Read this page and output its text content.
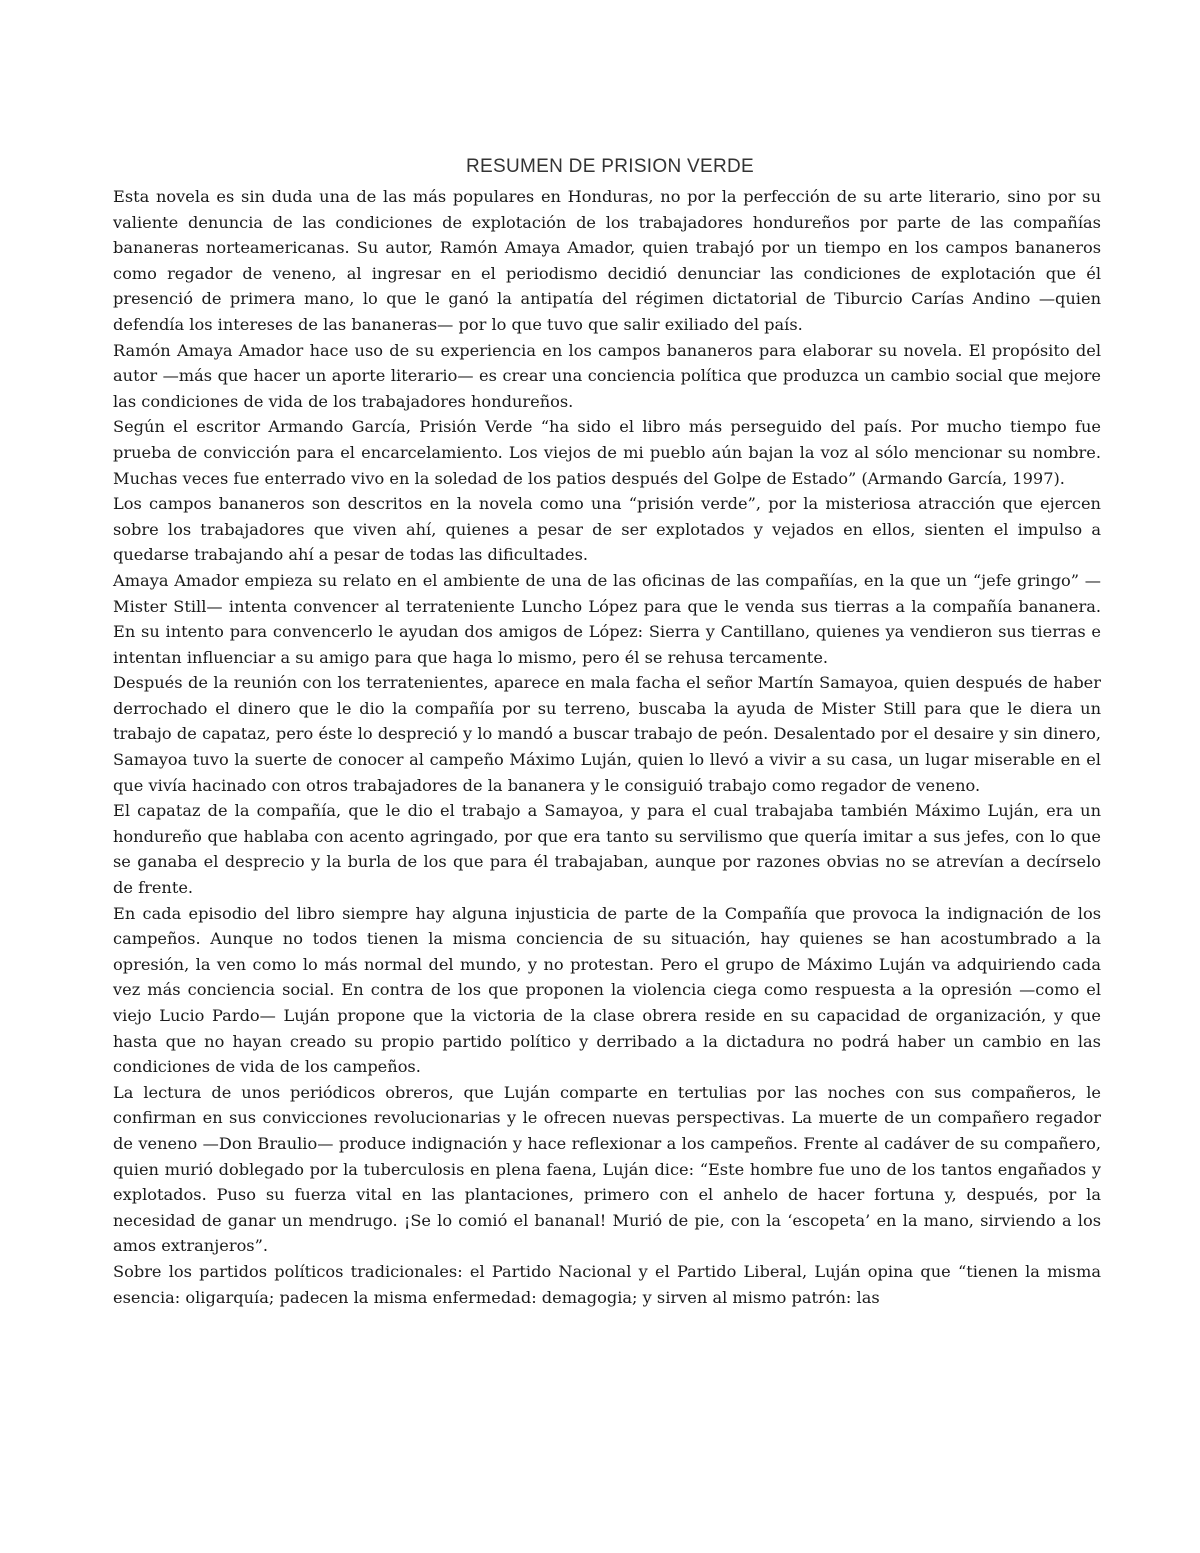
RESUMEN DE PRISION VERDE

Esta novela es sin duda una de las más populares en Honduras, no por la perfección de su arte literario, sino por su valiente denuncia de las condiciones de explotación de los trabajadores hondureños por parte de las compañías bananeras norteamericanas. Su autor, Ramón Amaya Amador, quien trabajó por un tiempo en los campos bananeros como regador de veneno, al ingresar en el periodismo decidió denunciar las condiciones de explotación que él presenció de primera mano, lo que le ganó la antipatía del régimen dictatorial de Tiburcio Carías Andino —quien defendía los intereses de las bananeras— por lo que tuvo que salir exiliado del país.

Ramón Amaya Amador hace uso de su experiencia en los campos bananeros para elaborar su novela. El propósito del autor —más que hacer un aporte literario— es crear una conciencia política que produzca un cambio social que mejore las condiciones de vida de los trabajadores hondureños.

Según el escritor Armando García, Prisión Verde “ha sido el libro más perseguido del país. Por mucho tiempo fue prueba de convicción para el encarcelamiento. Los viejos de mi pueblo aún bajan la voz al sólo mencionar su nombre. Muchas veces fue enterrado vivo en la soledad de los patios después del Golpe de Estado” (Armando García, 1997).

Los campos bananeros son descritos en la novela como una “prisión verde”, por la misteriosa atracción que ejercen sobre los trabajadores que viven ahí, quienes a pesar de ser explotados y vejados en ellos, sienten el impulso a quedarse trabajando ahí a pesar de todas las dificultades.

Amaya Amador empieza su relato en el ambiente de una de las oficinas de las compañías, en la que un “jefe gringo” —Mister Still— intenta convencer al terrateniente Luncho López para que le venda sus tierras a la compañía bananera. En su intento para convencerlo le ayudan dos amigos de López: Sierra y Cantillano, quienes ya vendieron sus tierras e intentan influenciar a su amigo para que haga lo mismo, pero él se rehusa tercamente.

Después de la reunión con los terratenientes, aparece en mala facha el señor Martín Samayoa, quien después de haber derrochado el dinero que le dio la compañía por su terreno, buscaba la ayuda de Mister Still para que le diera un trabajo de capataz, pero éste lo despreció y lo mandó a buscar trabajo de peón. Desalentado por el desaire y sin dinero, Samayoa tuvo la suerte de conocer al campeño Máximo Luján, quien lo llevó a vivir a su casa, un lugar miserable en el que vivía hacinado con otros trabajadores de la bananera y le consiguió trabajo como regador de veneno.

El capataz de la compañía, que le dio el trabajo a Samayoa, y para el cual trabajaba también Máximo Luján, era un hondureño que hablaba con acento agringado, por que era tanto su servilismo que quería imitar a sus jefes, con lo que se ganaba el desprecio y la burla de los que para él trabajaban, aunque por razones obvias no se atrevían a decírselo de frente.

En cada episodio del libro siempre hay alguna injusticia de parte de la Compañía que provoca la indignación de los campeños. Aunque no todos tienen la misma conciencia de su situación, hay quienes se han acostumbrado a la opresión, la ven como lo más normal del mundo, y no protestan. Pero el grupo de Máximo Luján va adquiriendo cada vez más conciencia social. En contra de los que proponen la violencia ciega como respuesta a la opresión —como el viejo Lucio Pardo— Luján propone que la victoria de la clase obrera reside en su capacidad de organización, y que hasta que no hayan creado su propio partido político y derribado a la dictadura no podrá haber un cambio en las condiciones de vida de los campeños.

La lectura de unos periódicos obreros, que Luján comparte en tertulias por las noches con sus compañeros, le confirman en sus convicciones revolucionarias y le ofrecen nuevas perspectivas. La muerte de un compañero regador de veneno —Don Braulio— produce indignación y hace reflexionar a los campeños. Frente al cadáver de su compañero, quien murió doblegado por la tuberculosis en plena faena, Luján dice: “Este hombre fue uno de los tantos engañados y explotados. Puso su fuerza vital en las plantaciones, primero con el anhelo de hacer fortuna y, después, por la necesidad de ganar un mendrugo. ¡Se lo comió el bananal! Murió de pie, con la ‘escopeta’ en la mano, sirviendo a los amos extranjeros”.

Sobre los partidos políticos tradicionales: el Partido Nacional y el Partido Liberal, Luján opina que “tienen la misma esencia: oligarquía; padecen la misma enfermedad: demagogia; y sirven al mismo patrón: las
